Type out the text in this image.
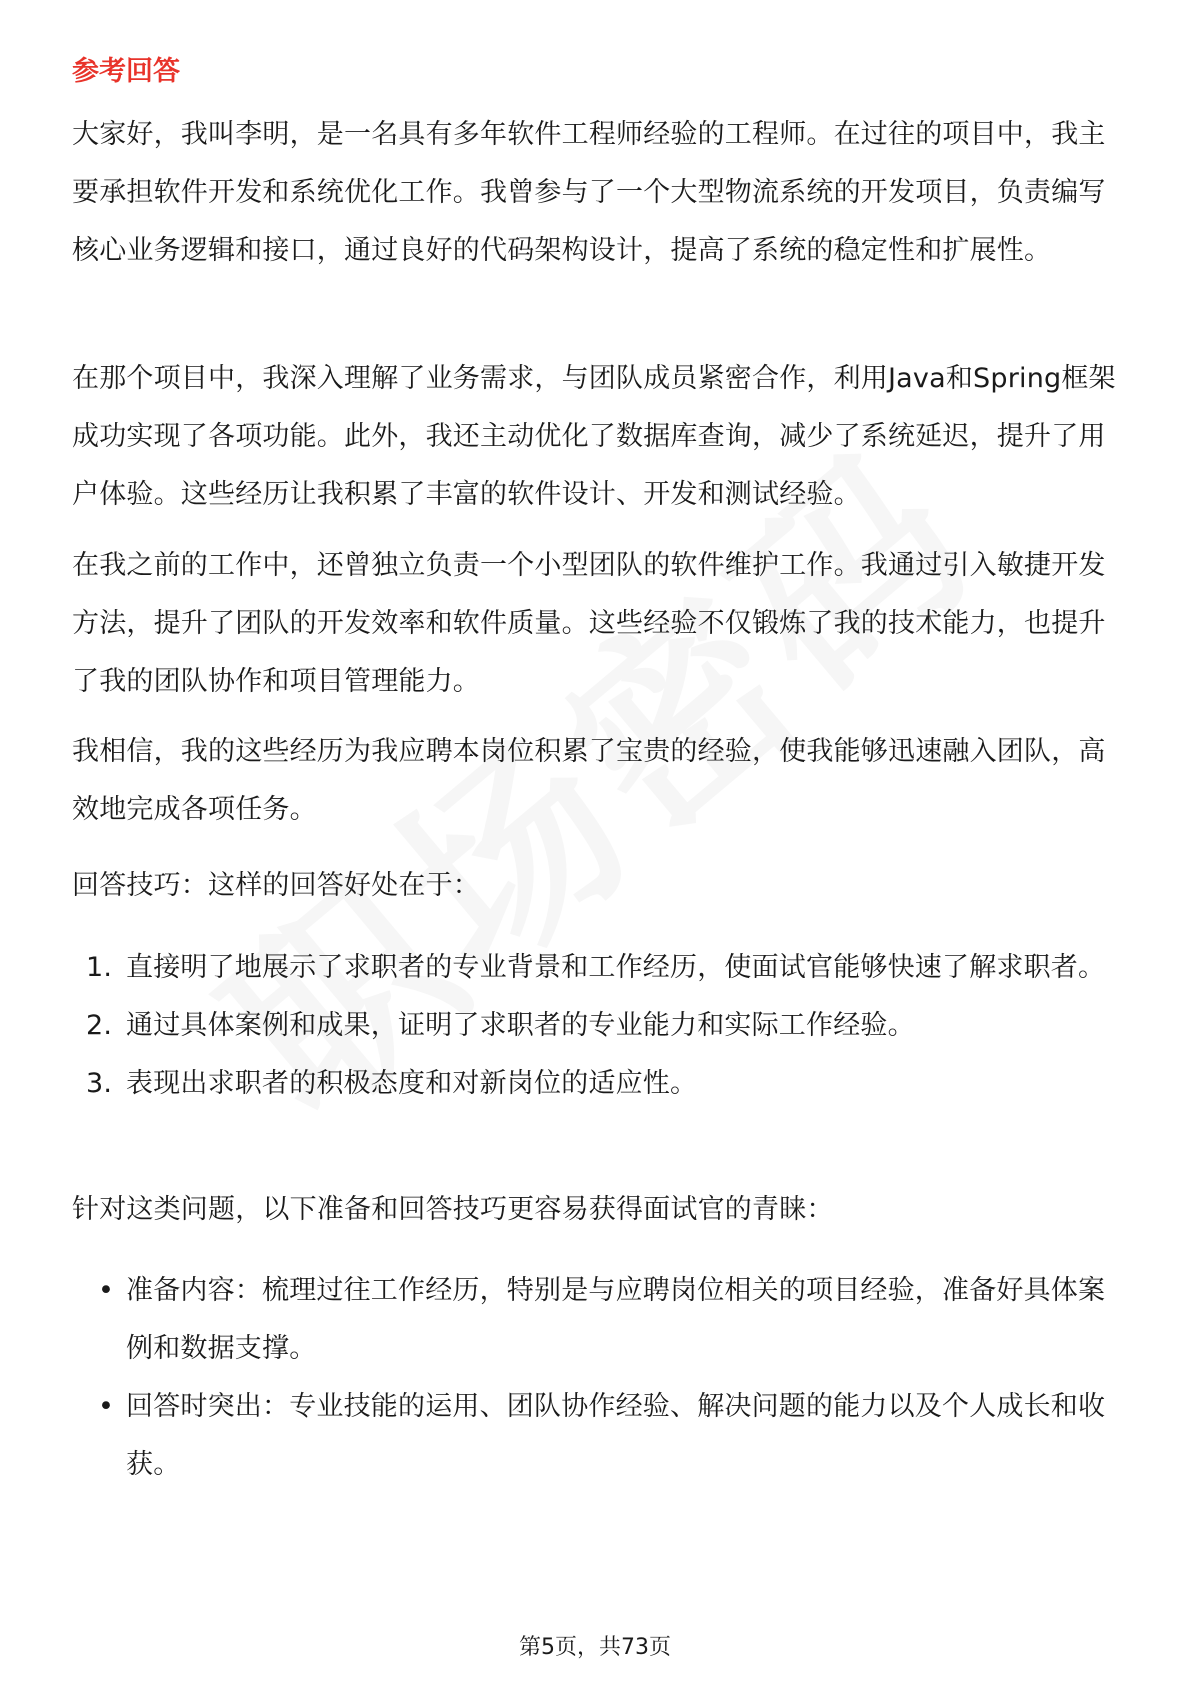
参考回答

大家好，我叫李明，是一名具有多年软件工程师经验的工程师。在过往的项目中，我主要承担软件开发和系统优化工作。我曾参与了一个大型物流系统的开发项目，负责编写核心业务逻辑和接口，通过良好的代码架构设计，提高了系统的稳定性和扩展性。

在那个项目中，我深入理解了业务需求，与团队成员紧密合作，利用Java和Spring框架成功实现了各项功能。此外，我还主动优化了数据库查询，减少了系统延迟，提升了用户体验。这些经历让我积累了丰富的软件设计、开发和测试经验。

在我之前的工作中，还曾独立负责一个小型团队的软件维护工作。我通过引入敏捷开发方法，提升了团队的开发效率和软件质量。这些经验不仅锻炼了我的技术能力，也提升了我的团队协作和项目管理能力。

我相信，我的这些经历为我应聘本岗位积累了宝贵的经验，使我能够迅速融入团队，高效地完成各项任务。

回答技巧：这样的回答好处在于：

1. 直接明了地展示了求职者的专业背景和工作经历，使面试官能够快速了解求职者。
2. 通过具体案例和成果，证明了求职者的专业能力和实际工作经验。
3. 表现出求职者的积极态度和对新岗位的适应性。

针对这类问题，以下准备和回答技巧更容易获得面试官的青睐：

• 准备内容：梳理过往工作经历，特别是与应聘岗位相关的项目经验，准备好具体案例和数据支撑。
• 回答时突出：专业技能的运用、团队协作经验、解决问题的能力以及个人成长和收获。
第5页，共73页
